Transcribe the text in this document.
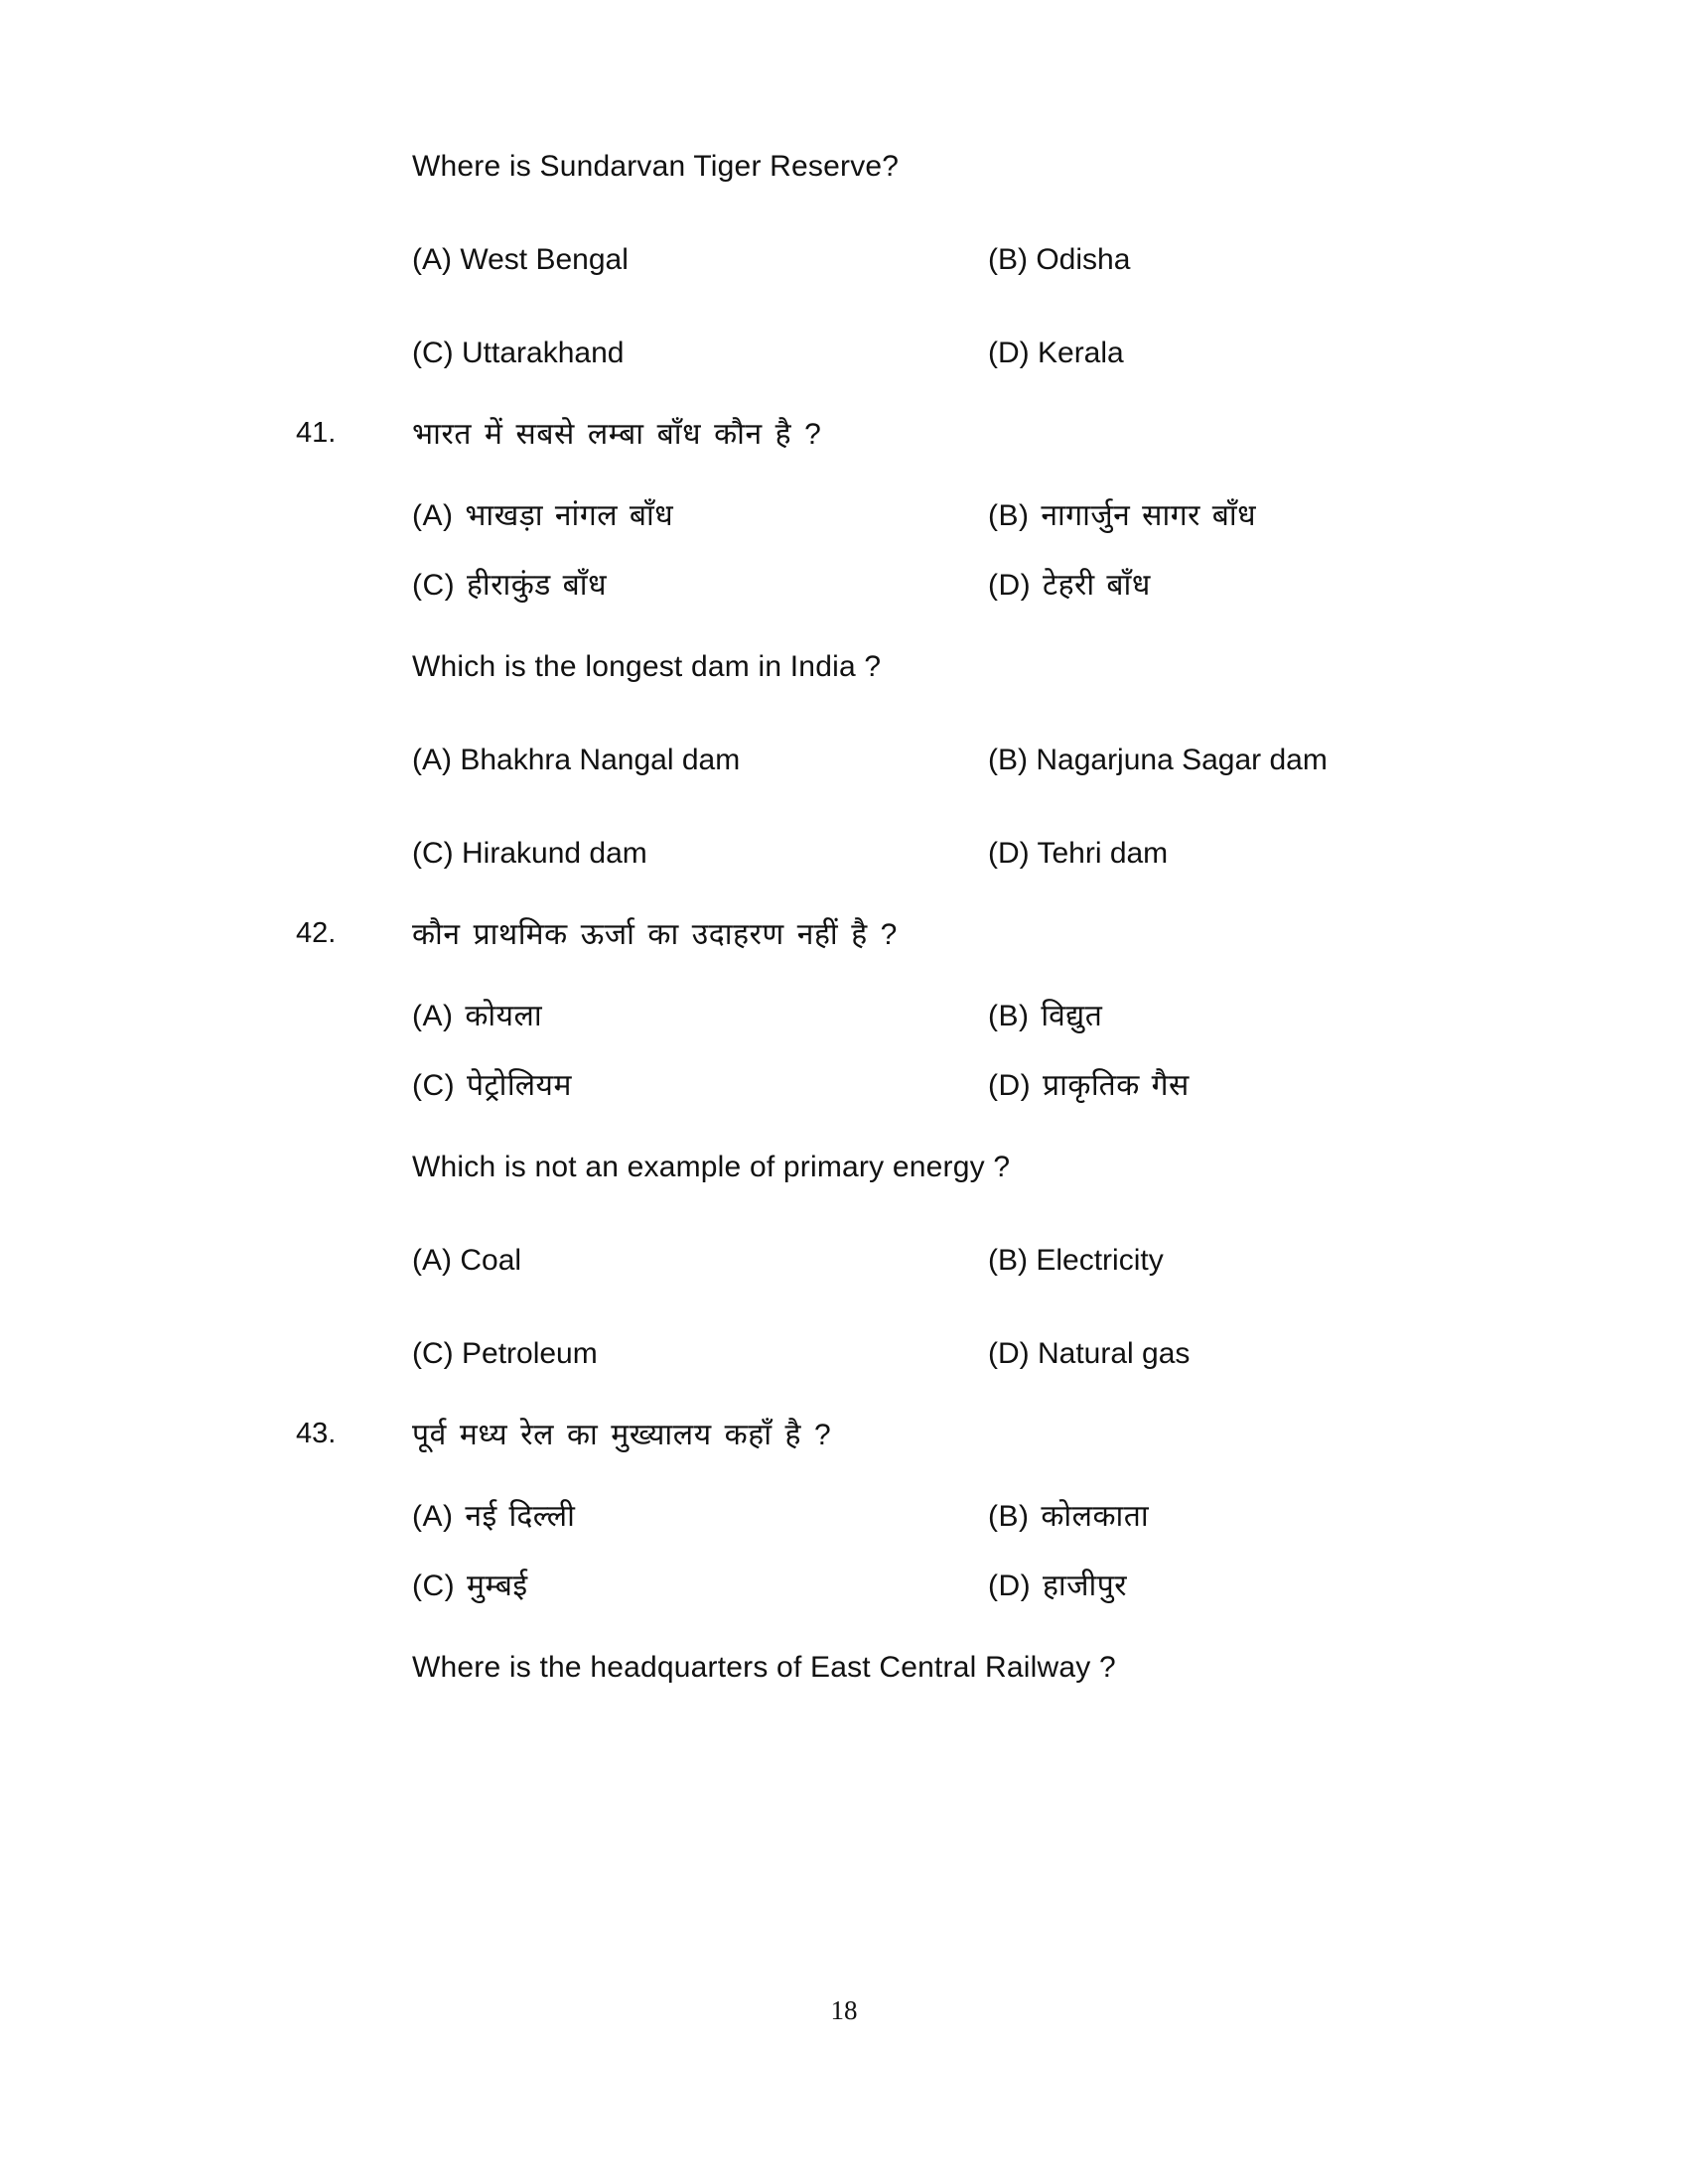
Where is Sundarvan Tiger Reserve?
(A) West Bengal	(B) Odisha
(C) Uttarakhand	(D) Kerala
41.	भारत में सबसे लम्बा बाँध कौन है ?
(A) भाखड़ा नांगल बाँध	(B) नागार्जुन सागर बाँध
(C) हीराकुंड बाँध	(D) टेहरी बाँध
Which is the longest dam in India ?
(A) Bhakhra Nangal dam	(B) Nagarjuna Sagar dam
(C) Hirakund dam	(D) Tehri dam
42.	कौन प्राथमिक ऊर्जा का उदाहरण नहीं है ?
(A) कोयला	(B) विद्युत
(C) पेट्रोलियम	(D) प्राकृतिक गैस
Which is not an example of primary energy ?
(A) Coal	(B) Electricity
(C) Petroleum	(D) Natural gas
43.	पूर्व मध्य रेल का मुख्यालय कहाँ है ?
(A) नई दिल्ली	(B) कोलकाता
(C) मुम्बई	(D) हाजीपुर
Where is the headquarters of East Central Railway ?
18
